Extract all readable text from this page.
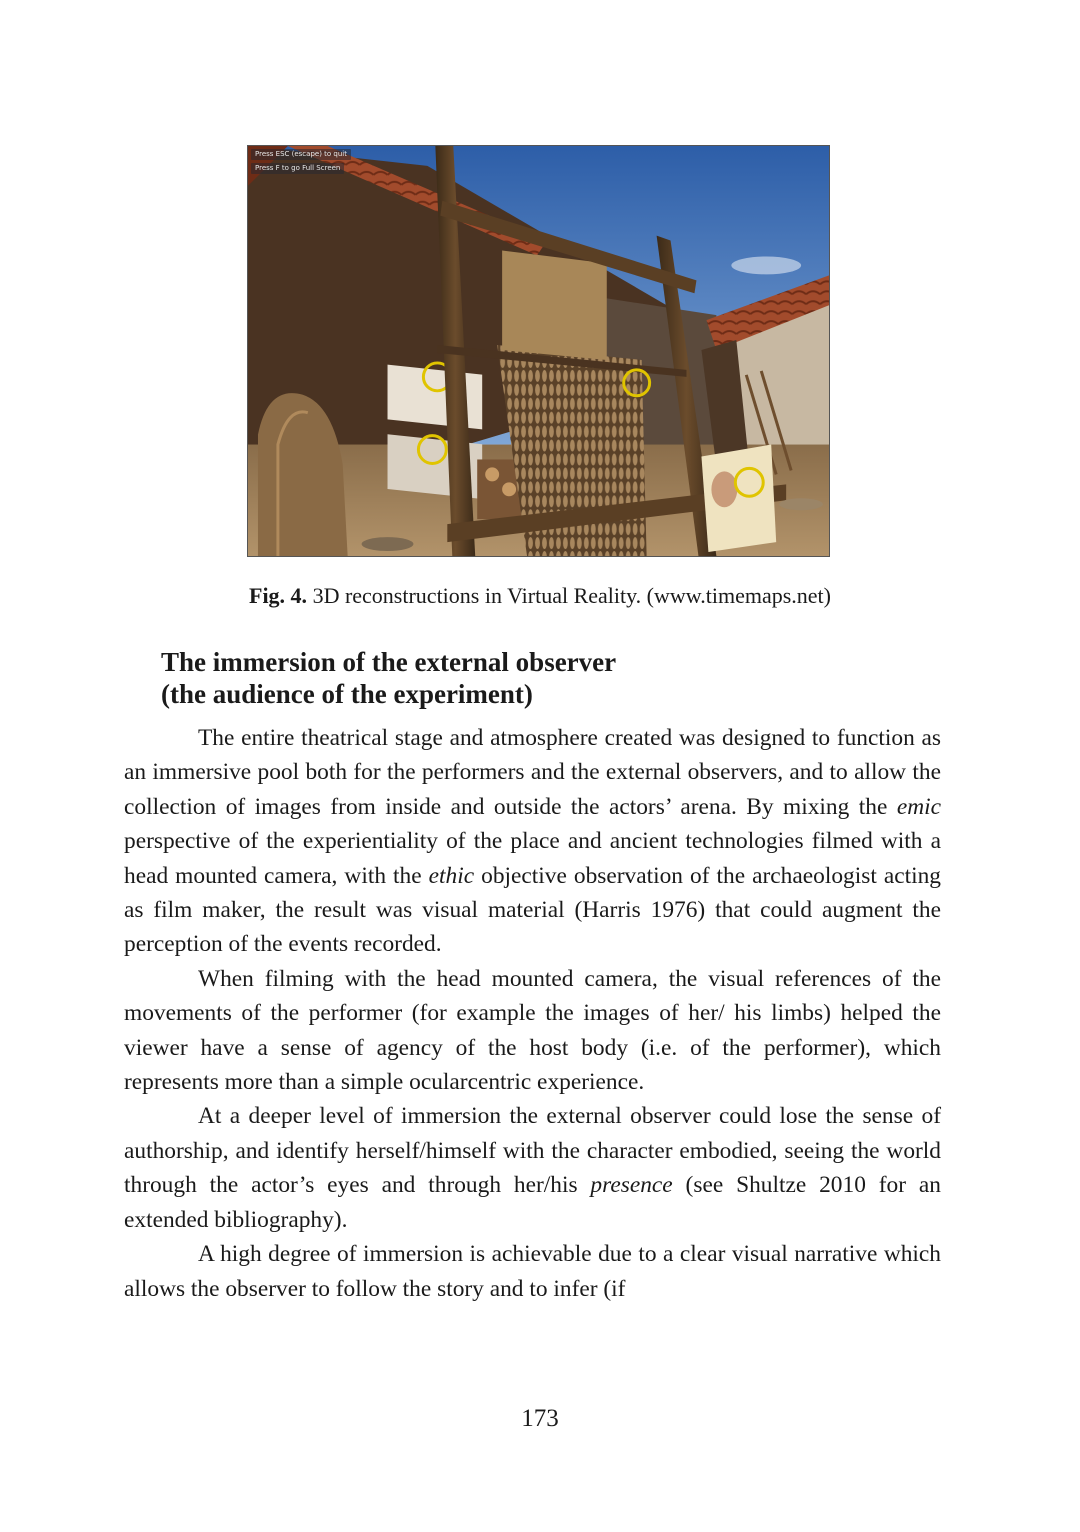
Press ESC (escape) to quit
Press F to go Full Screen
Fig. 4. 3D reconstructions in Virtual Reality. (www.timemaps.net)
The immersion of the external observer
(the audience of the experiment)

The entire theatrical stage and atmosphere created was designed to function as an immersive pool both for the performers and the external observers, and to allow the collection of images from inside and outside the actors’ arena. By mixing the emic perspective of the experientiality of the place and ancient technologies filmed with a head mounted camera, with the ethic objective observation of the archaeologist acting as film maker, the result was visual material (Harris 1976) that could augment the perception of the events recorded.

When filming with the head mounted camera, the visual references of the movements of the performer (for example the images of her/ his limbs) helped the viewer have a sense of agency of the host body (i.e. of the performer), which represents more than a simple ocularcentric experience.

At a deeper level of immersion the external observer could lose the sense of authorship, and identify herself/himself with the character embodied, seeing the world through the actor’s eyes and through her/his presence (see Shultze 2010 for an extended bibliography).

A high degree of immersion is achievable due to a clear visual narrative which allows the observer to follow the story and to infer (if

173
